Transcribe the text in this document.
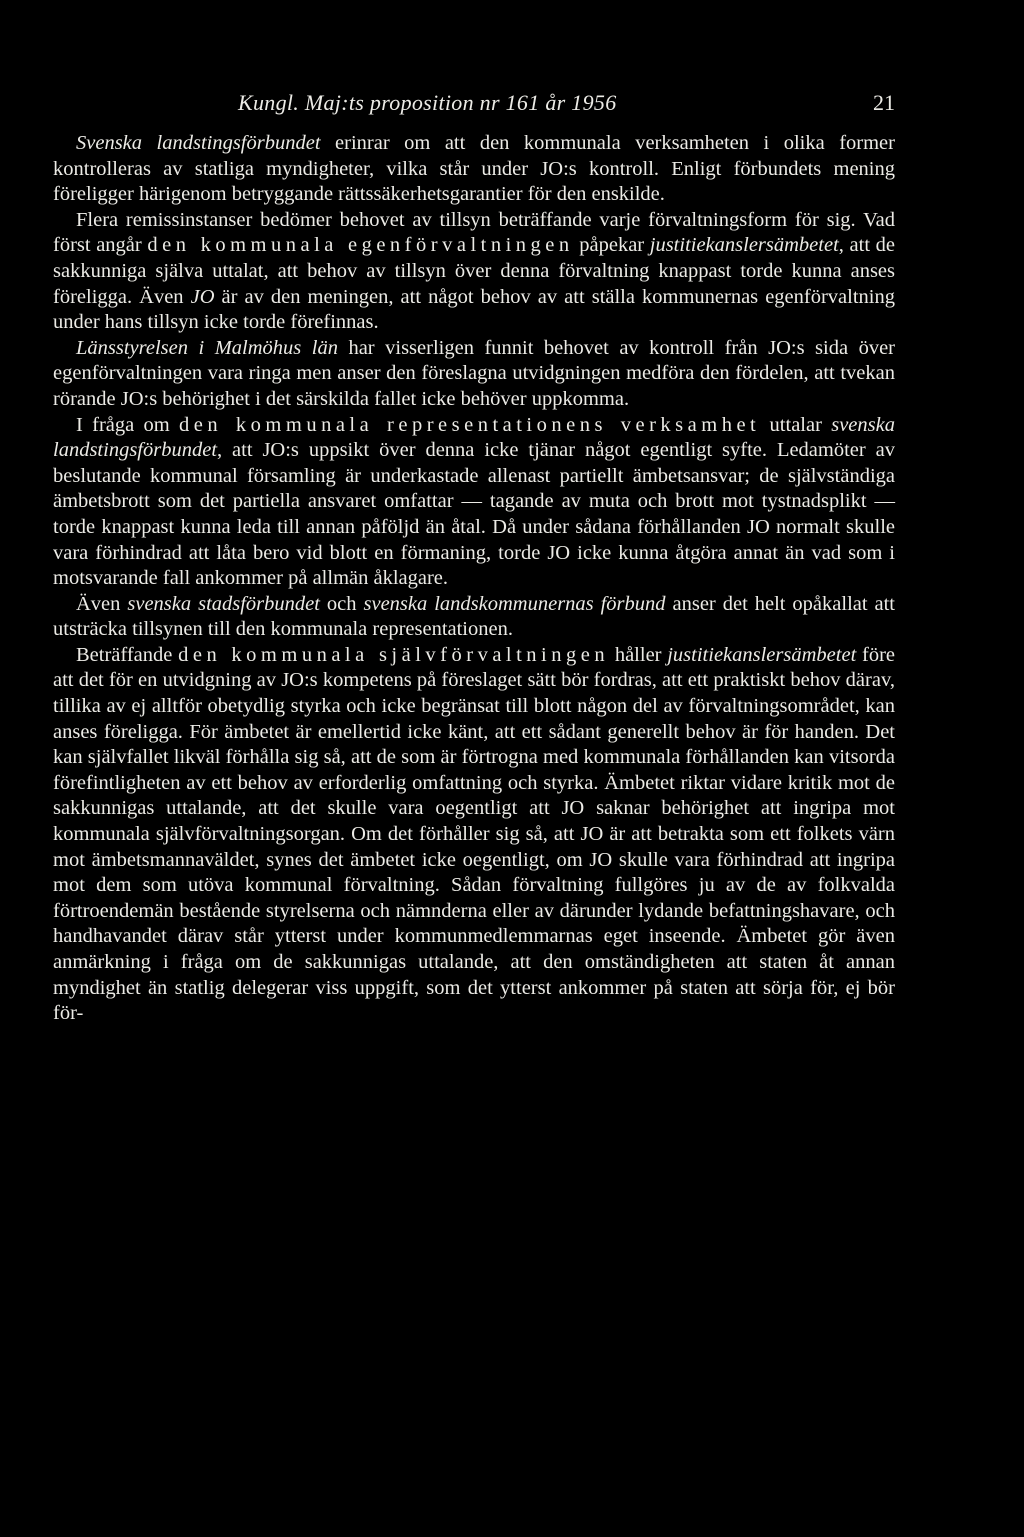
Kungl. Maj:ts proposition nr 161 år 1956	21

Svenska landstingsförbundet erinrar om att den kommunala verksamheten i olika former kontrolleras av statliga myndigheter, vilka står under JO:s kontroll. Enligt förbundets mening föreligger härigenom betryggande rättssäkerhetsgarantier för den enskilde.

Flera remissinstanser bedömer behovet av tillsyn beträffande varje förvaltningsform för sig. Vad först angår den kommunala egenförvaltningen påpekar justitiekanslersämbetet, att de sakkunniga själva uttalat, att behov av tillsyn över denna förvaltning knappast torde kunna anses föreligga. Även JO är av den meningen, att något behov av att ställa kommunernas egenförvaltning under hans tillsyn icke torde förefinnas.

Länsstyrelsen i Malmöhus län har visserligen funnit behovet av kontroll från JO:s sida över egenförvaltningen vara ringa men anser den föreslagna utvidgningen medföra den fördelen, att tvekan rörande JO:s behörighet i det särskilda fallet icke behöver uppkomma.

I fråga om den kommunala representationens verksamhet uttalar svenska landstingsförbundet, att JO:s uppsikt över denna icke tjänar något egentligt syfte. Ledamöter av beslutande kommunal församling är underkastade allenast partiellt ämbetsansvar; de självständiga ämbetsbrott som det partiella ansvaret omfattar — tagande av muta och brott mot tystnadsplikt — torde knappast kunna leda till annan påföljd än åtal. Då under sådana förhållanden JO normalt skulle vara förhindrad att låta bero vid blott en förmaning, torde JO icke kunna åtgöra annat än vad som i motsvarande fall ankommer på allmän åklagare.

Även svenska stadsförbundet och svenska landskommunernas förbund anser det helt opåkallat att utsträcka tillsynen till den kommunala representationen.

Beträffande den kommunala självförvaltningen håller justitiekanslersämbetet före att det för en utvidgning av JO:s kompetens på föreslaget sätt bör fordras, att ett praktiskt behov därav, tillika av ej alltför obetydlig styrka och icke begränsat till blott någon del av förvaltningsområdet, kan anses föreligga. För ämbetet är emellertid icke känt, att ett sådant generellt behov är för handen. Det kan självfallet likväl förhålla sig så, att de som är förtrogna med kommunala förhållanden kan vitsorda förefintligheten av ett behov av erforderlig omfattning och styrka. Ämbetet riktar vidare kritik mot de sakkunnigas uttalande, att det skulle vara oegentligt att JO saknar behörighet att ingripa mot kommunala självförvaltningsorgan. Om det förhåller sig så, att JO är att betrakta som ett folkets värn mot ämbetsmannaväldet, synes det ämbetet icke oegentligt, om JO skulle vara förhindrad att ingripa mot dem som utöva kommunal förvaltning. Sådan förvaltning fullgöres ju av de av folkvalda förtroendemän bestående styrelserna och nämnderna eller av därunder lydande befattningshavare, och handhavandet därav står ytterst under kommunmedlemmarnas eget inseende. Ämbetet gör även anmärkning i fråga om de sakkunnigas uttalande, att den omständigheten att staten åt annan myndighet än statlig delegerar viss uppgift, som det ytterst ankommer på staten att sörja för, ej bör för-
